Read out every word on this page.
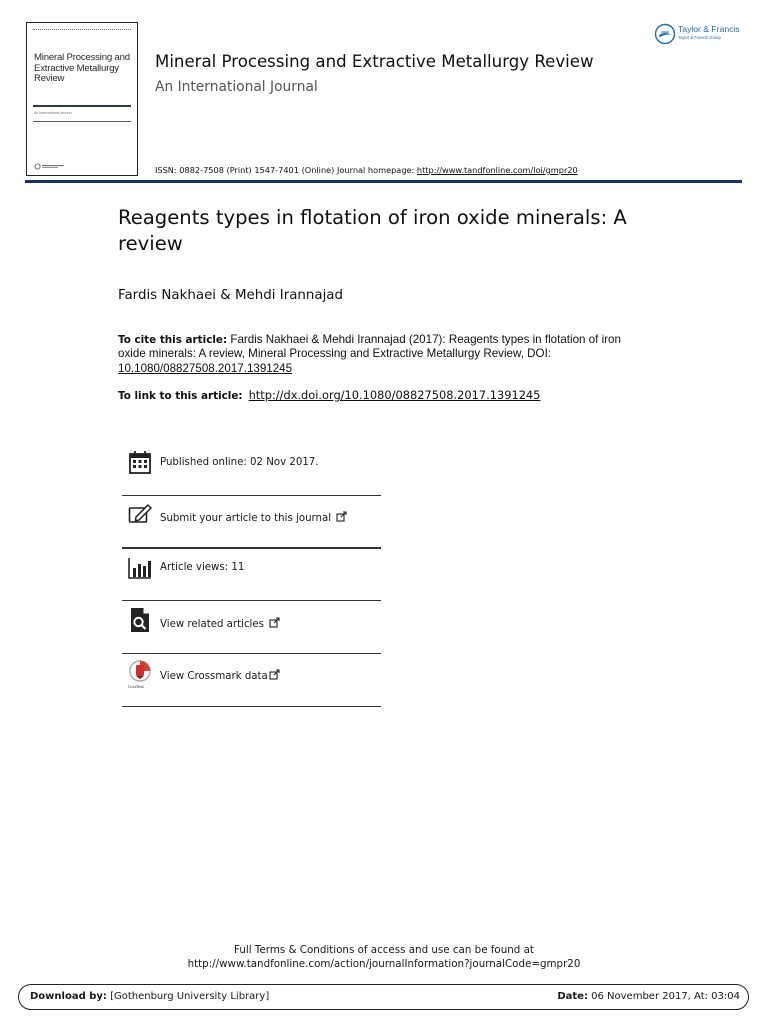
Mineral Processing and Extractive Metallurgy Review
An International Journal
Mineral Processing and Extractive Metallurgy Review
An International Journal
ISSN: 0882-7508 (Print) 1547-7401 (Online) Journal homepage: http://www.tandfonline.com/loi/gmpr20
Taylor & Francis
Taylor & Francis Group
Reagents types in flotation of iron oxide minerals: A review
Fardis Nakhaei & Mehdi Irannajad
To cite this article: Fardis Nakhaei & Mehdi Irannajad (2017): Reagents types in flotation of iron oxide minerals: A review, Mineral Processing and Extractive Metallurgy Review, DOI: 10.1080/08827508.2017.1391245
To link to this article: http://dx.doi.org/10.1080/08827508.2017.1391245
Published online: 02 Nov 2017.
Submit your article to this journal
Article views: 11
View related articles
CrossMark
View Crossmark data
Full Terms & Conditions of access and use can be found at
http://www.tandfonline.com/action/journalInformation?journalCode=gmpr20
Download by: [Gothenburg University Library]	Date: 06 November 2017, At: 03:04
